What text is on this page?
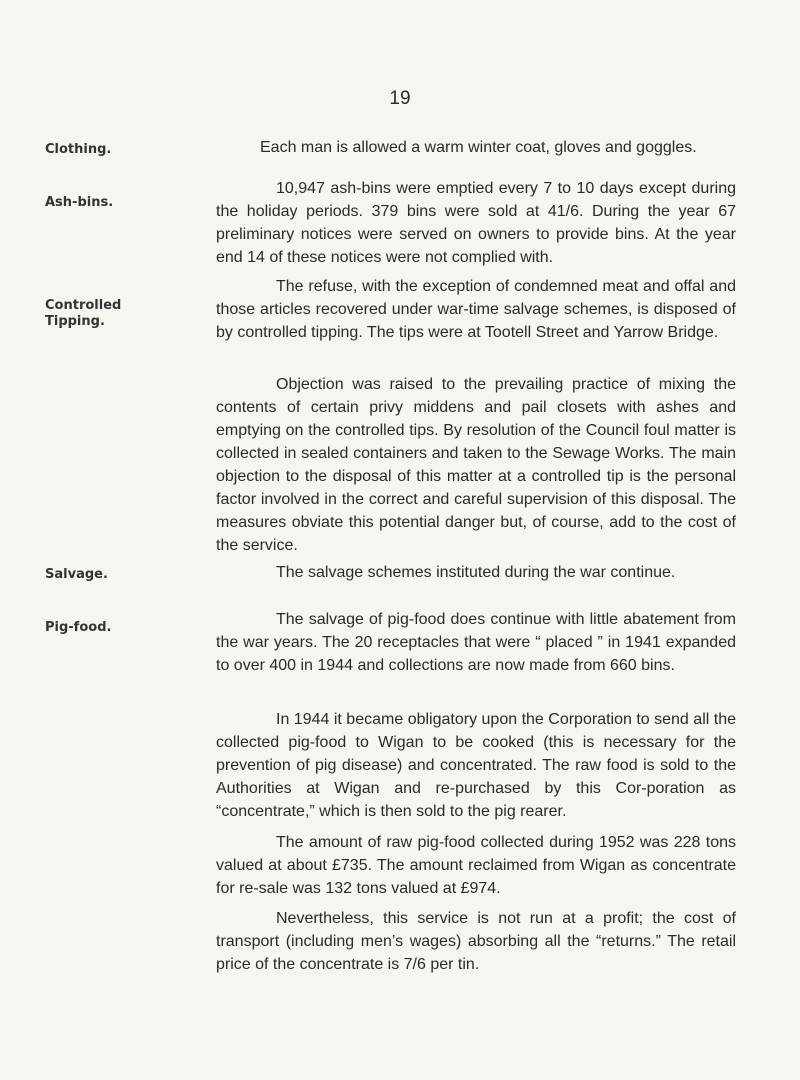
19
Clothing.
Ash-bins.
Controlled
Tipping.
Salvage.
Pig-food.
Each man is allowed a warm winter coat, gloves and goggles.
10,947 ash-bins were emptied every 7 to 10 days except during the holiday periods. 379 bins were sold at 41/6. During the year 67 preliminary notices were served on owners to provide bins. At the year end 14 of these notices were not complied with.
The refuse, with the exception of condemned meat and offal and those articles recovered under war-time salvage schemes, is disposed of by controlled tipping. The tips were at Tootell Street and Yarrow Bridge.
Objection was raised to the prevailing practice of mixing the contents of certain privy middens and pail closets with ashes and emptying on the controlled tips. By resolution of the Council foul matter is collected in sealed containers and taken to the Sewage Works. The main objection to the disposal of this matter at a controlled tip is the personal factor involved in the correct and careful supervision of this disposal. The measures obviate this potential danger but, of course, add to the cost of the service.
The salvage schemes instituted during the war continue.
The salvage of pig-food does continue with little abatement from the war years. The 20 receptacles that were “ placed ” in 1941 expanded to over 400 in 1944 and collections are now made from 660 bins.
In 1944 it became obligatory upon the Corporation to send all the collected pig-food to Wigan to be cooked (this is necessary for the prevention of pig disease) and concentrated. The raw food is sold to the Authorities at Wigan and re-purchased by this Cor-poration as “concentrate,” which is then sold to the pig rearer.
The amount of raw pig-food collected during 1952 was 228 tons valued at about £735. The amount reclaimed from Wigan as concentrate for re-sale was 132 tons valued at £974.
Nevertheless, this service is not run at a profit; the cost of transport (including men’s wages) absorbing all the “returns.” The retail price of the concentrate is 7/6 per tin.
